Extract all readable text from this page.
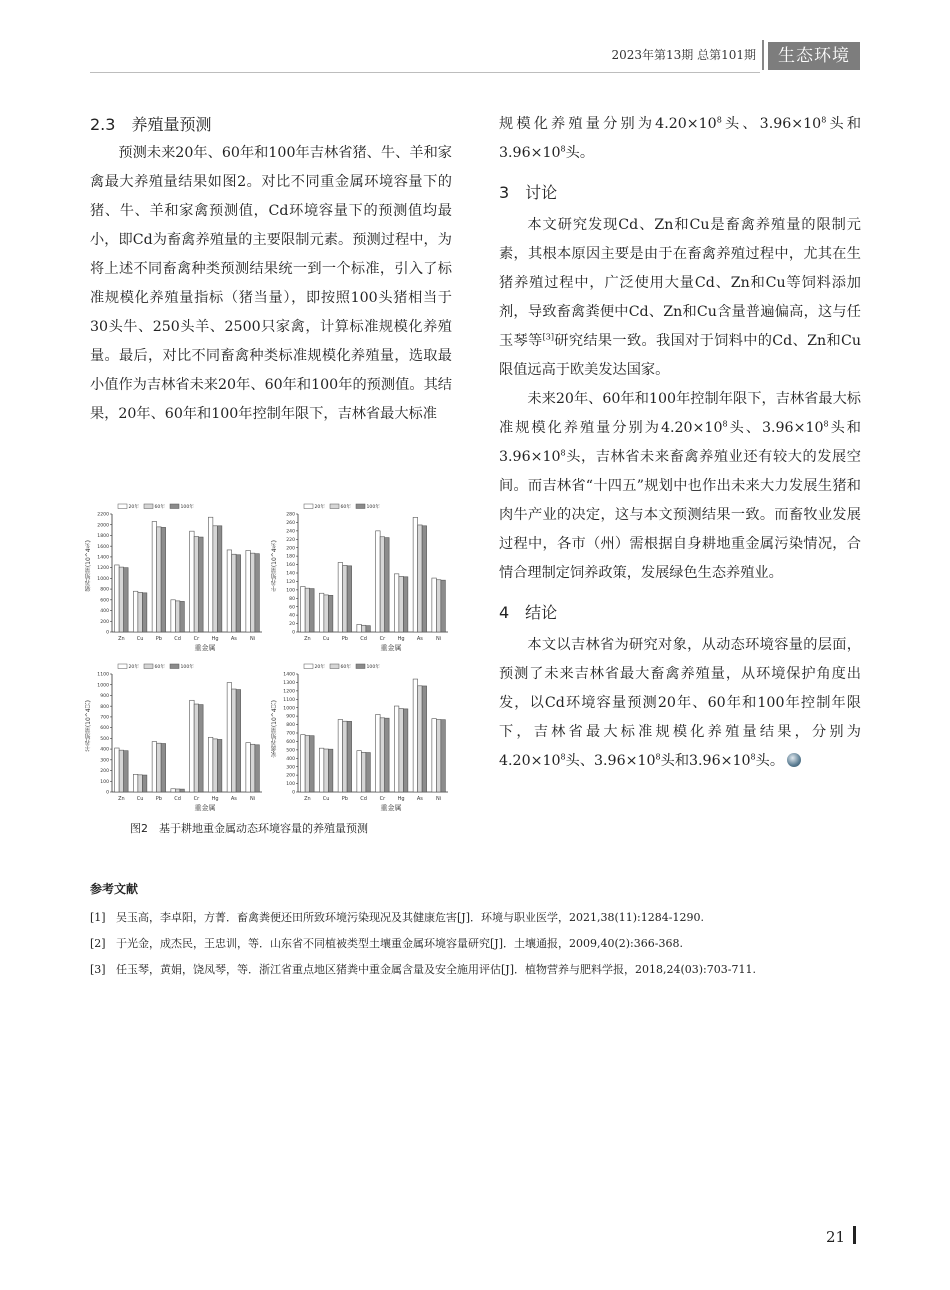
2023年第13期 总第101期	生态环境
2.3　养殖量预测

预测未来20年、60年和100年吉林省猪、牛、羊和家禽最大养殖量结果如图2。对比不同重金属环境容量下的猪、牛、羊和家禽预测值，Cd环境容量下的预测值均最小，即Cd为畜禽养殖量的主要限制元素。预测过程中，为将上述不同畜禽种类预测结果统一到一个标准，引入了标准规模化养殖量指标（猪当量），即按照100头猪相当于30头牛、250头羊、2500只家禽，计算标准规模化养殖量。最后，对比不同畜禽种类标准规模化养殖量，选取最小值作为吉林省未来20年、60年和100年的预测值。其结果，20年、60年和100年控制年限下，吉林省最大标准

规模化养殖量分别为$4.20\times 10^8$头、$3.96\times 10^8$头和$3.96\times 10^8$头。

3　讨论

本文研究发现Cd、Zn和Cu是畜禽养殖量的限制元素，其根本原因主要是由于在畜禽养殖过程中，尤其在生猪养殖过程中，广泛使用大量Cd、Zn和Cu等饲料添加剂，导致畜禽粪便中Cd、Zn和Cu含量普遍偏高，这与任玉琴等[3]研究结果一致。我国对于饲料中的Cd、Zn和Cu限值远高于欧美发达国家。

未来20年、60年和100年控制年限下，吉林省最大标准规模化养殖量分别为$4.20\times 10^8$头、$3.96\times 10^8$头和$3.96\times 10^8$头，吉林省未来畜禽养殖业还有较大的发展空间。而吉林省“十四五”规划中也作出未来大力发展生猪和肉牛产业的决定，这与本文预测结果一致。而畜牧业发展过程中，各市（州）需根据自身耕地重金属污染情况，合情合理制定饲养政策，发展绿色生态养殖业。

4　结论

本文以吉林省为研究对象，从动态环境容量的层面，预测了未来吉林省最大畜禽养殖量，从环境保护角度出发，以Cd环境容量预测20年、60年和100年控制年限下，吉林省最大标准规模化养殖量结果，分别为$4.20\times 10^8$头、$3.96\times 10^8$头和$3.96\times 10^8$头。

猪养殖量(10^4头)
0
200
400
600
800
1000
1200
1400
1600
1800
2000
2200
Zn Cu Pb Cd	Cr	Hg As	Ni
20年	60年	100年
重金属
牛养殖量(10^4头)
0
20
40
60
80
100
120
140
160
180
200
220
240
260
280
Zn Cu Pb Cd	Cr	Hg As	Ni
20年	60年	100年
重金属
羊养殖量(10^4只)
0
100
200
300
400
500
600
700
800
900
1000
1100
Zn Cu Pb Cd	Cr	Hg As	Ni
20年	60年	100年
重金属
家禽养殖量(10^4只)
0
100
200
300
400
500
600
700
800
900
1000
1100
1200
1300
1400
Zn Cu Pb Cd	Cr	Hg As	Ni
20年	60年	100年
重金属
图2　基于耕地重金属动态环境容量的养殖量预测
参考文献
[1] 吴玉高，李卓阳，方菁．畜禽粪便还田所致环境污染现况及其健康危害[J]．环境与职业医学，2021,38(11):1284-1290.
[2] 于光金，成杰民，王忠训，等．山东省不同植被类型土壤重金属环境容量研究[J]．土壤通报，2009,40(2):366-368.
[3] 任玉琴，黄娟，饶凤琴，等．浙江省重点地区猪粪中重金属含量及安全施用评估[J]．植物营养与肥料学报，2018,24(03):703-711.
21
